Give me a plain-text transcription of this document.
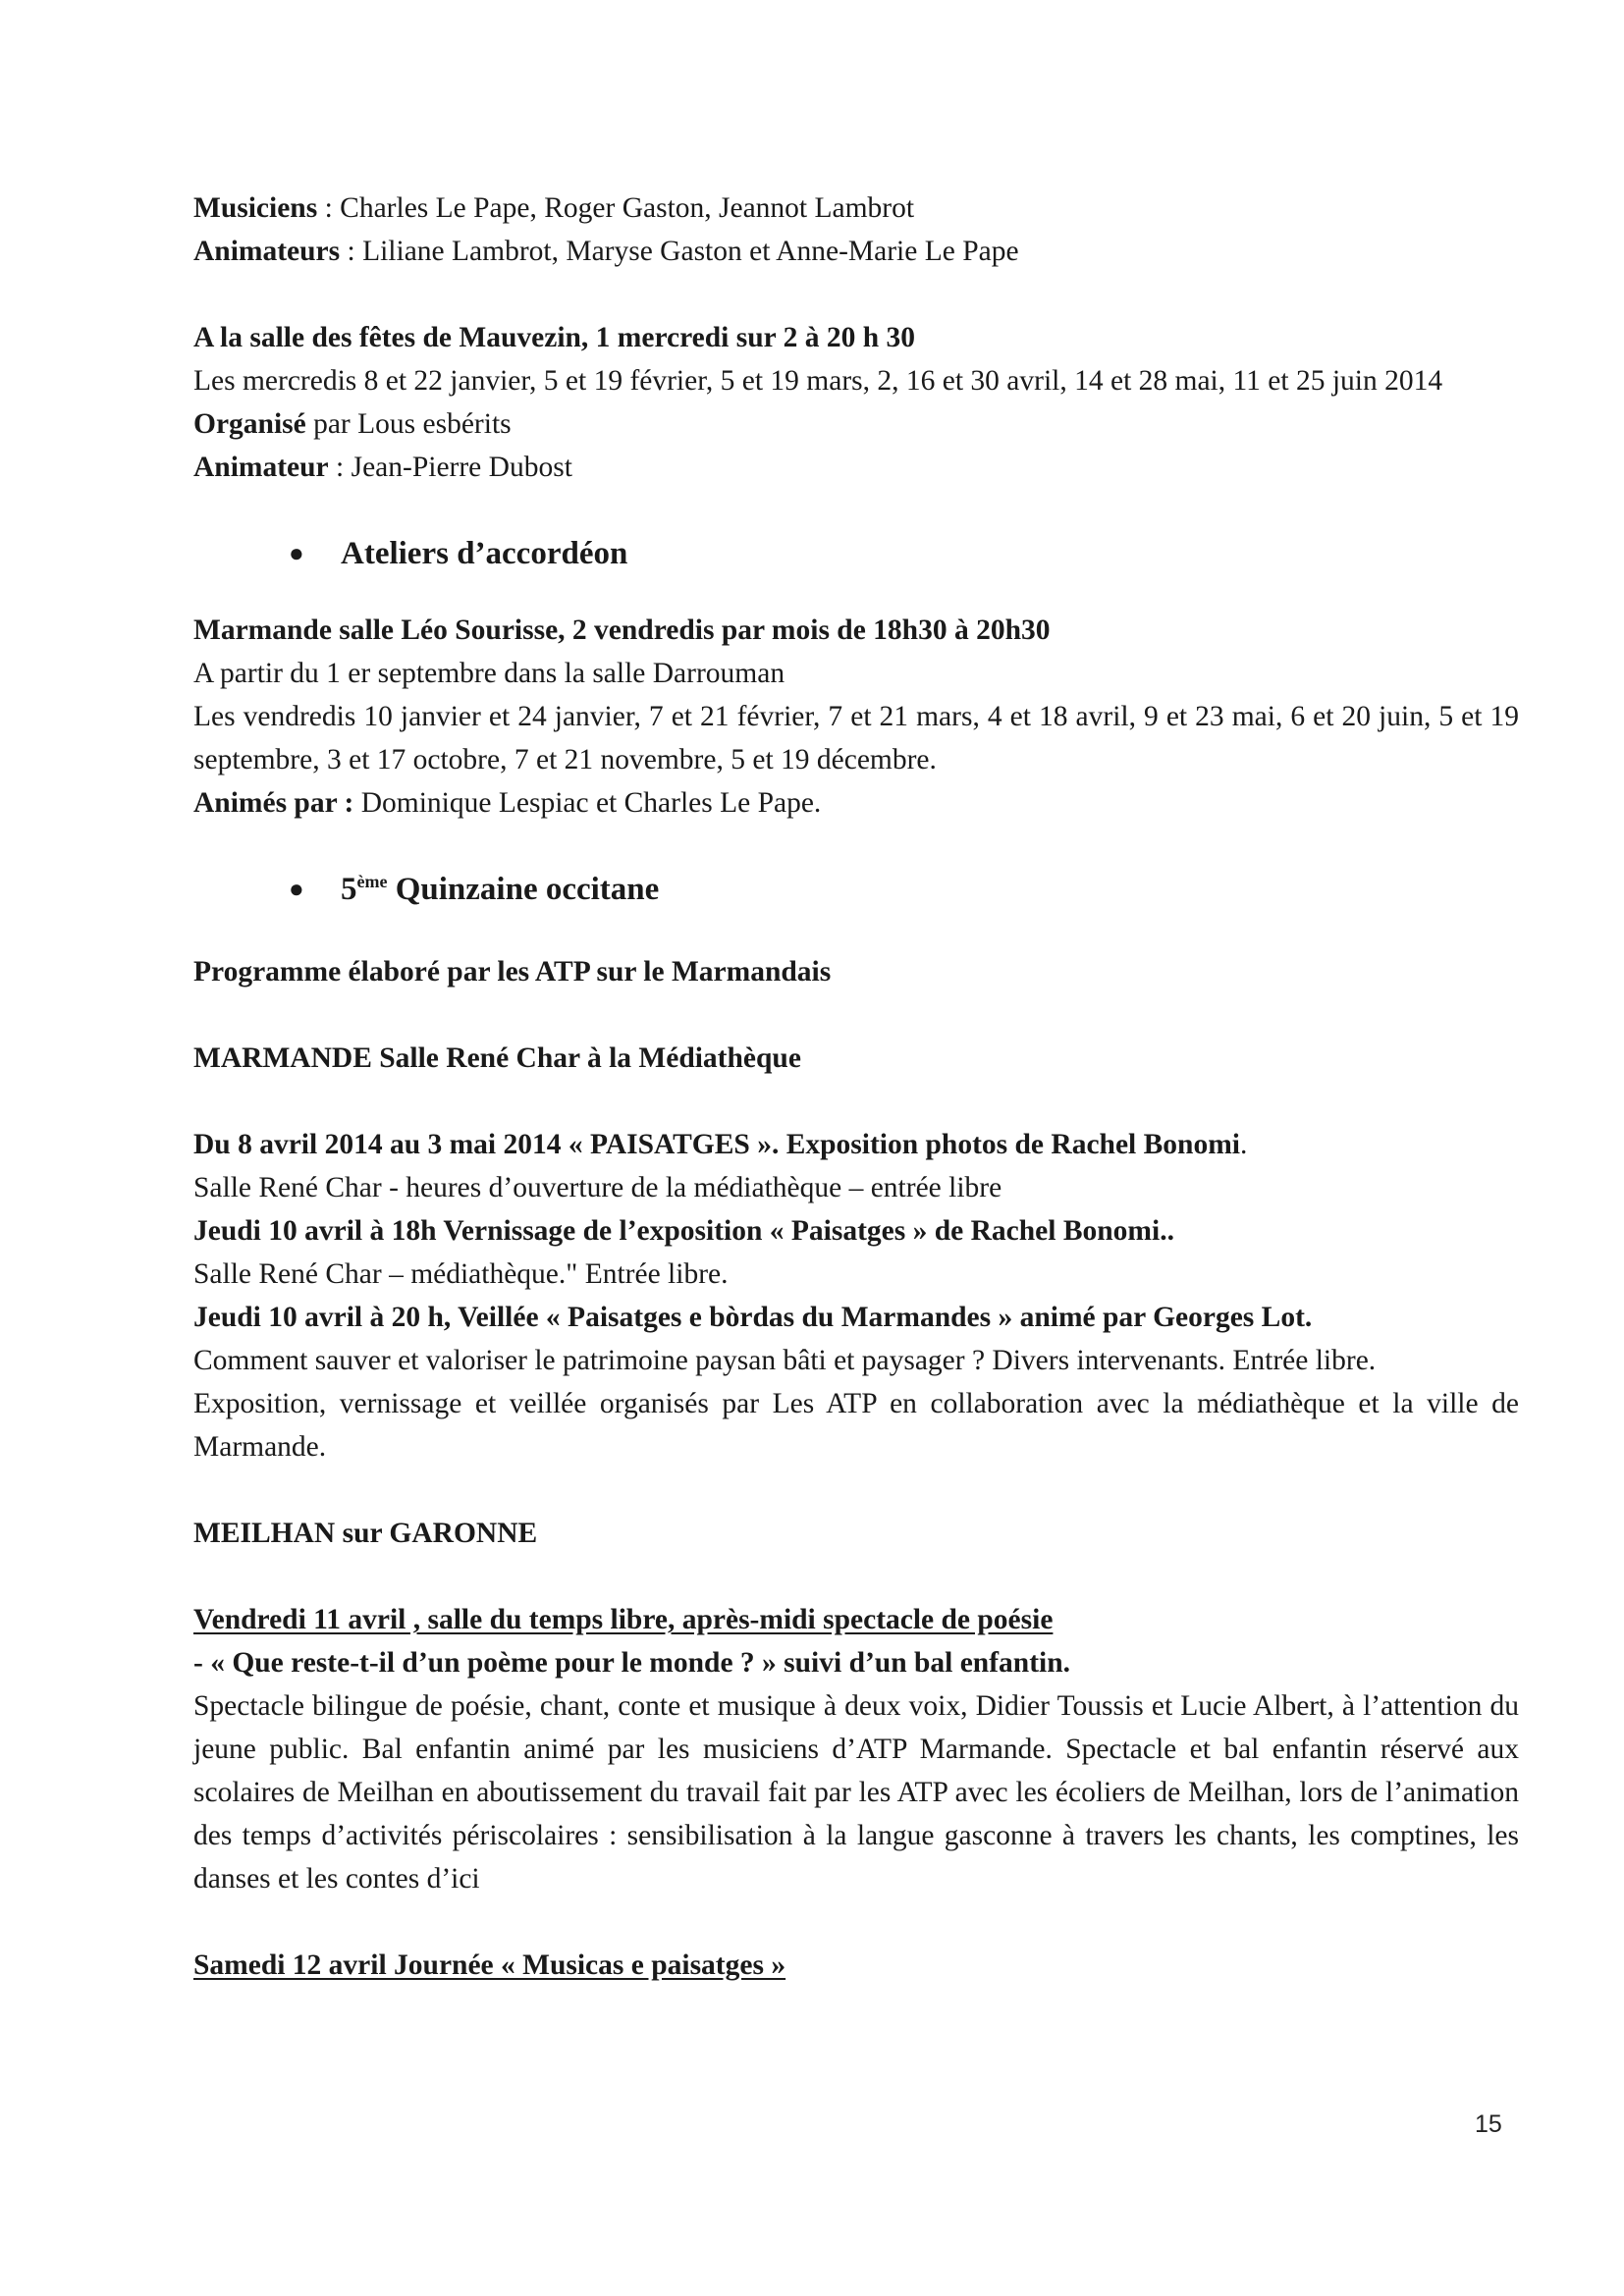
Musiciens : Charles Le Pape, Roger Gaston, Jeannot Lambrot
Animateurs : Liliane Lambrot, Maryse Gaston et Anne-Marie Le Pape
A la salle des fêtes de Mauvezin, 1 mercredi sur 2 à 20 h 30
Les mercredis 8 et 22 janvier, 5 et 19 février, 5 et 19 mars, 2, 16 et 30 avril, 14 et 28 mai, 11 et 25 juin 2014
Organisé par Lous esbérits
Animateur : Jean-Pierre Dubost
● Ateliers d’accordéon
Marmande salle Léo Sourisse, 2 vendredis par mois de 18h30 à 20h30
A partir du 1 er septembre dans la salle Darrouman
Les vendredis 10 janvier et 24 janvier, 7 et 21 février, 7 et 21 mars, 4 et 18 avril, 9 et 23 mai, 6 et 20 juin, 5 et 19 septembre, 3 et 17 octobre, 7 et 21 novembre, 5 et 19 décembre.
Animés par : Dominique Lespiac et Charles Le Pape.
● 5ème Quinzaine occitane
Programme élaboré par les ATP sur le Marmandais
MARMANDE Salle René Char à la Médiathèque
Du 8 avril 2014 au 3 mai 2014 « PAISATGES ». Exposition photos de Rachel Bonomi.
Salle René Char - heures d’ouverture de la médiathèque – entrée libre
Jeudi 10 avril à 18h Vernissage de l’exposition « Paisatges » de Rachel Bonomi..
Salle René Char – médiathèque." Entrée libre.
Jeudi 10 avril à 20 h, Veillée « Paisatges e bòrdas du Marmandes » animé par Georges Lot.
Comment sauver et valoriser le patrimoine paysan bâti et paysager ? Divers intervenants. Entrée libre.
Exposition, vernissage et veillée organisés par Les ATP en collaboration avec la médiathèque et la ville de Marmande.
MEILHAN sur GARONNE
Vendredi 11 avril , salle du temps libre, après-midi spectacle de poésie
- « Que reste-t-il d’un poème pour le monde ? » suivi d’un bal enfantin.
Spectacle bilingue de poésie, chant, conte et musique à deux voix, Didier Toussis et Lucie Albert, à l’attention du jeune public. Bal enfantin animé par les musiciens d’ATP Marmande. Spectacle et bal enfantin réservé aux scolaires de Meilhan en aboutissement du travail fait par les ATP avec les écoliers de Meilhan, lors de l’animation des temps d’activités périscolaires : sensibilisation à la langue gasconne à travers les chants, les comptines, les danses et les contes d’ici
Samedi 12 avril Journée « Musicas e paisatges »
15
